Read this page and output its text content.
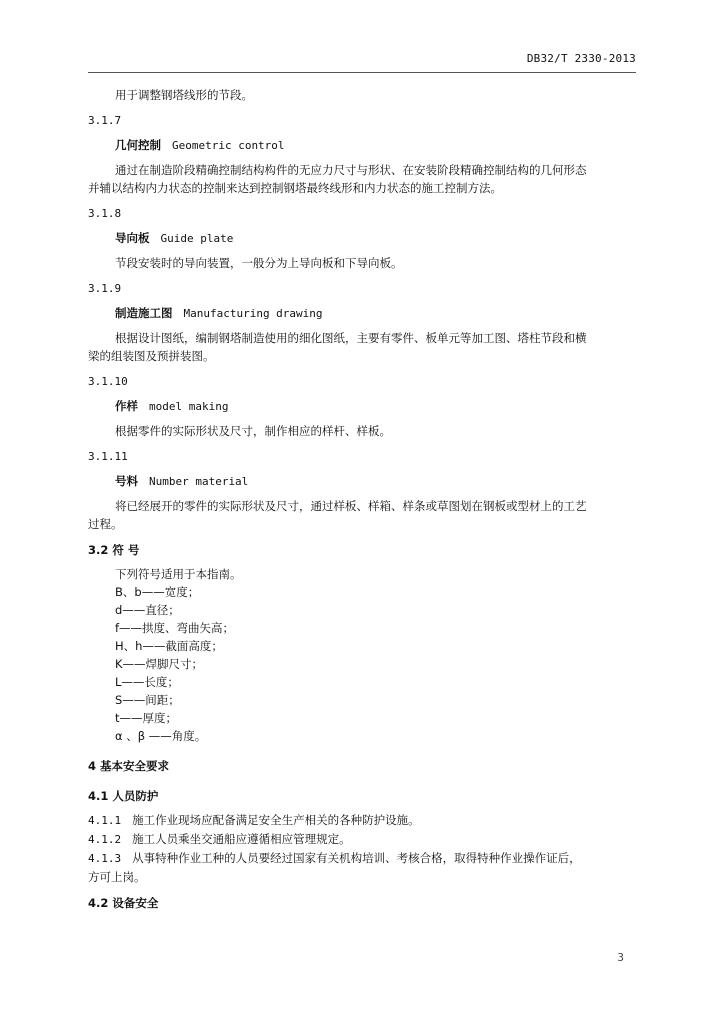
DB32/T 2330-2013
用于调整钢塔线形的节段。
3.1.7
几何控制 Geometric control
通过在制造阶段精确控制结构构件的无应力尺寸与形状、在安装阶段精确控制结构的几何形态
并辅以结构内力状态的控制来达到控制钢塔最终线形和内力状态的施工控制方法。
3.1.8
导向板 Guide plate
节段安装时的导向装置，一般分为上导向板和下导向板。
3.1.9
制造施工图 Manufacturing drawing
根据设计图纸，编制钢塔制造使用的细化图纸，主要有零件、板单元等加工图、塔柱节段和横
梁的组装图及预拼装图。
3.1.10
作样 model making
根据零件的实际形状及尺寸，制作相应的样杆、样板。
3.1.11
号料 Number material
将已经展开的零件的实际形状及尺寸，通过样板、样箱、样条或草图划在钢板或型材上的工艺
过程。
3.2 符 号
下列符号适用于本指南。
B、b——宽度；
d——直径；
f——拱度、弯曲矢高；
H、h——截面高度；
K——焊脚尺寸；
L——长度；
S——间距；
t——厚度；
α 、β ——角度。
4 基本安全要求
4.1 人员防护
4.1.1 施工作业现场应配备满足安全生产相关的各种防护设施。
4.1.2 施工人员乘坐交通船应遵循相应管理规定。
4.1.3 从事特种作业工种的人员要经过国家有关机构培训、考核合格，取得特种作业操作证后，
方可上岗。
4.2 设备安全
3
